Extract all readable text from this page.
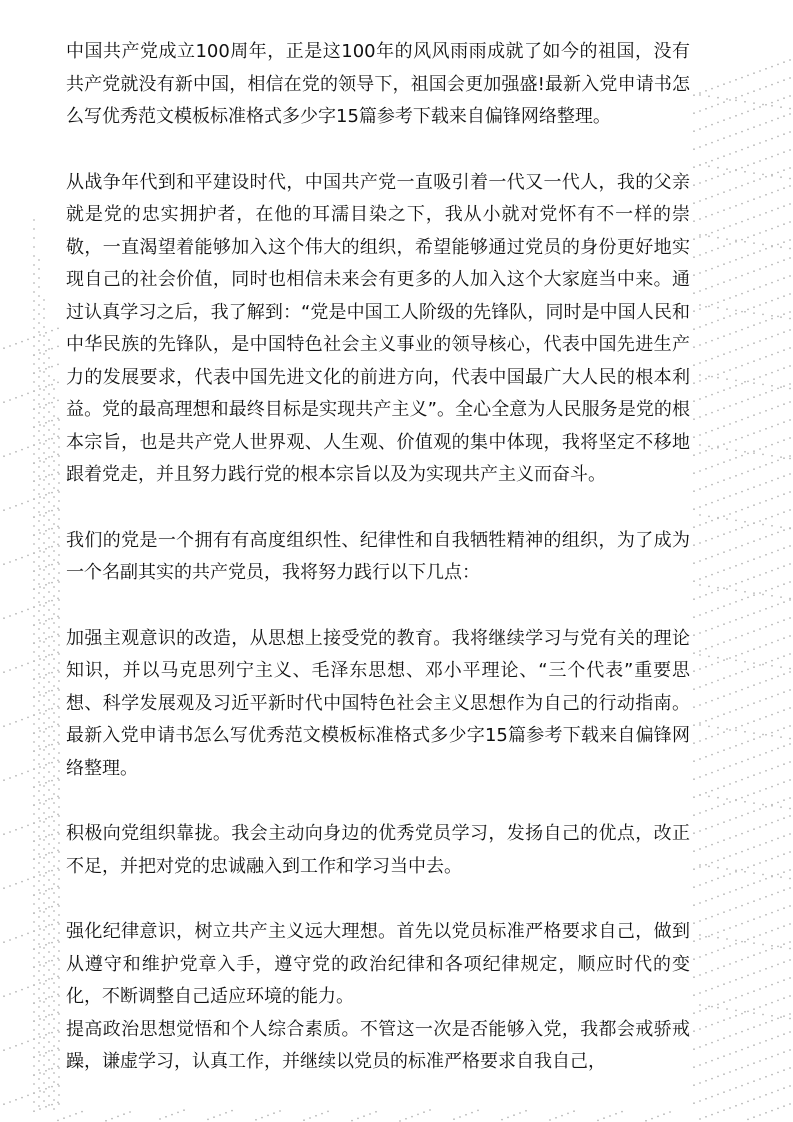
中国共产党成立100周年，正是这100年的风风雨雨成就了如今的祖国，没有共产党就没有新中国，相信在党的领导下，祖国会更加强盛!最新入党申请书怎么写优秀范文模板标准格式多少字15篇参考下载来自偏锋网络整理。

从战争年代到和平建设时代，中国共产党一直吸引着一代又一代人，我的父亲就是党的忠实拥护者，在他的耳濡目染之下，我从小就对党怀有不一样的崇敬，一直渴望着能够加入这个伟大的组织，希望能够通过党员的身份更好地实现自己的社会价值，同时也相信未来会有更多的人加入这个大家庭当中来。通过认真学习之后，我了解到：“党是中国工人阶级的先锋队，同时是中国人民和中华民族的先锋队，是中国特色社会主义事业的领导核心，代表中国先进生产力的发展要求，代表中国先进文化的前进方向，代表中国最广大人民的根本利益。党的最高理想和最终目标是实现共产主义”。全心全意为人民服务是党的根本宗旨，也是共产党人世界观、人生观、价值观的集中体现，我将坚定不移地跟着党走，并且努力践行党的根本宗旨以及为实现共产主义而奋斗。

我们的党是一个拥有有高度组织性、纪律性和自我牺牲精神的组织，为了成为一个名副其实的共产党员，我将努力践行以下几点：

加强主观意识的改造，从思想上接受党的教育。我将继续学习与党有关的理论知识，并以马克思列宁主义、毛泽东思想、邓小平理论、“三个代表”重要思想、科学发展观及习近平新时代中国特色社会主义思想作为自己的行动指南。最新入党申请书怎么写优秀范文模板标准格式多少字15篇参考下载来自偏锋网络整理。

积极向党组织靠拢。我会主动向身边的优秀党员学习，发扬自己的优点，改正不足，并把对党的忠诚融入到工作和学习当中去。

强化纪律意识，树立共产主义远大理想。首先以党员标准严格要求自己，做到从遵守和维护党章入手，遵守党的政治纪律和各项纪律规定，顺应时代的变化，不断调整自己适应环境的能力。

提高政治思想觉悟和个人综合素质。不管这一次是否能够入党，我都会戒骄戒躁，谦虚学习，认真工作，并继续以党员的标准严格要求自我自己，
